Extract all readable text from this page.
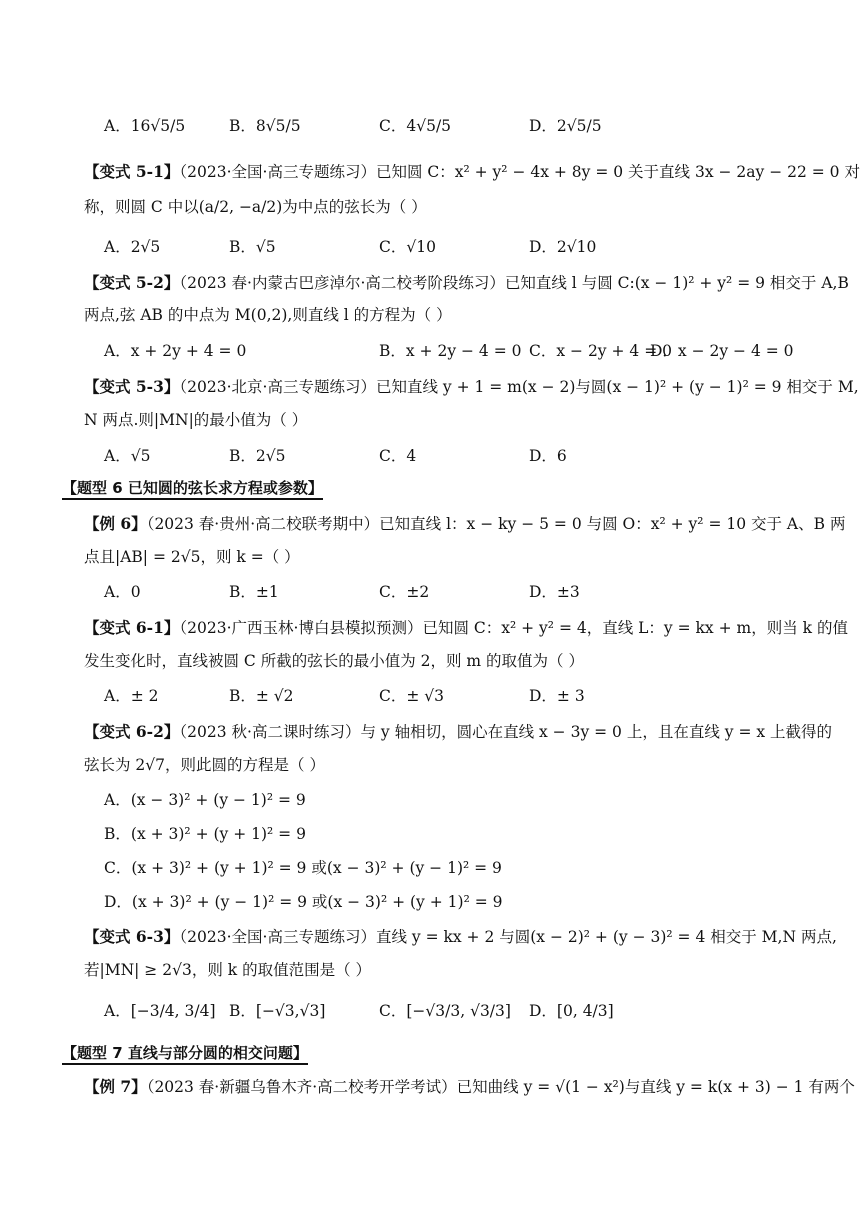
A．16√5/5	B．8√5/5	C．4√5/5	D．2√5/5
【变式 5-1】（2023·全国·高三专题练习）已知圆 C：x² + y² − 4x + 8y = 0 关于直线 3x − 2ay − 22 = 0 对
称，则圆 C 中以(a/2, −a/2)为中点的弦长为（ ）
A．2√5	B．√5	C．√10	D．2√10
【变式 5-2】（2023 春·内蒙古巴彦淖尔·高二校考阶段练习）已知直线 l 与圆 C:(x − 1)² + y² = 9 相交于 A,B
两点,弦 AB 的中点为 M(0,2),则直线 l 的方程为（ ）
A．x + 2y + 4 = 0	B．x + 2y − 4 = 0 C．x − 2y + 4 = 0
D．x − 2y − 4 = 0
【变式 5-3】（2023·北京·高三专题练习）已知直线 y + 1 = m(x − 2)与圆(x − 1)² + (y − 1)² = 9 相交于 M,
N 两点.则|MN|的最小值为（ ）
A．√5	B．2√5	C．4	D．6
【题型 6 已知圆的弦长求方程或参数】
【例 6】（2023 春·贵州·高二校联考期中）已知直线 l：x − ky − 5 = 0 与圆 O：x² + y² = 10 交于 A、B 两
点且|AB| = 2√5，则 k =（ ）
A．0	B．±1	C．±2	D．±3
【变式 6-1】（2023·广西玉林·博白县模拟预测）已知圆 C：x² + y² = 4，直线 L：y = kx + m，则当 k 的值
发生变化时，直线被圆 C 所截的弦长的最小值为 2，则 m 的取值为（ ）
A．± 2	B．± √2	C．± √3	D．± 3
【变式 6-2】（2023 秋·高二课时练习）与 y 轴相切，圆心在直线 x − 3y = 0 上，且在直线 y = x 上截得的
弦长为 2√7，则此圆的方程是（ ）
A．(x − 3)² + (y − 1)² = 9
B．(x + 3)² + (y + 1)² = 9
C．(x + 3)² + (y + 1)² = 9 或(x − 3)² + (y − 1)² = 9
D．(x + 3)² + (y − 1)² = 9 或(x − 3)² + (y + 1)² = 9
【变式 6-3】（2023·全国·高三专题练习）直线 y = kx + 2 与圆(x − 2)² + (y − 3)² = 4 相交于 M,N 两点,
若|MN| ≥ 2√3，则 k 的取值范围是（ ）
A．[−3/4, 3/4] B．[−√3,√3]	C．[−√3/3, √3/3] D．[0, 4/3]
【题型 7 直线与部分圆的相交问题】
【例 7】（2023 春·新疆乌鲁木齐·高二校考开学考试）已知曲线 y = √(1 − x²)与直线 y = k(x + 3) − 1 有两个
